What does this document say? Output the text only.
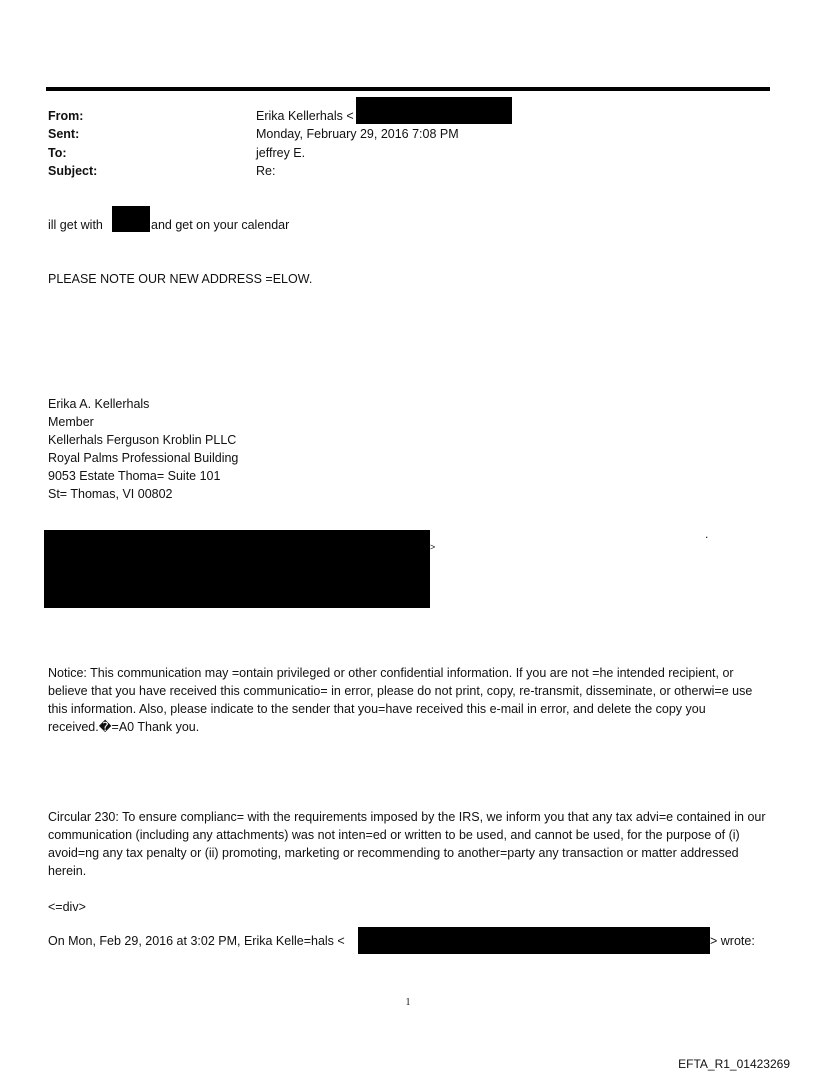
From:	Erika Kellerhals <
Sent:	Monday, February 29, 2016 7:08 PM
To:	jeffrey E.
Subject:	Re:
ill get with	and get on your calendar
PLEASE NOTE OUR NEW ADDRESS =ELOW.
Erika A. Kellerhals
Member
Kellerhals Ferguson Kroblin PLLC
Royal Palms Professional Building
9053 Estate Thoma= Suite 101
St= Thomas, VI 00802
>
.
Notice: This communication may =ontain privileged or other confidential information. If you are not =he intended recipient, or believe that you have received this communicatio= in error, please do not print, copy, re-transmit, disseminate, or otherwi=e use this information. Also, please indicate to the sender that you=have received this e-mail in error, and delete the copy you received.�=A0 Thank you.
Circular 230: To ensure complianc= with the requirements imposed by the IRS, we inform you that any tax advi=e contained in our communication (including any attachments) was not inten=ed or written to be used, and cannot be used, for the purpose of (i) avoid=ng any tax penalty or (ii) promoting, marketing or recommending to another=party any transaction or matter addressed herein.
<=div>
On Mon, Feb 29, 2016 at 3:02 PM, Erika Kelle=hals <	> wrote:
1
EFTA_R1_01423269
